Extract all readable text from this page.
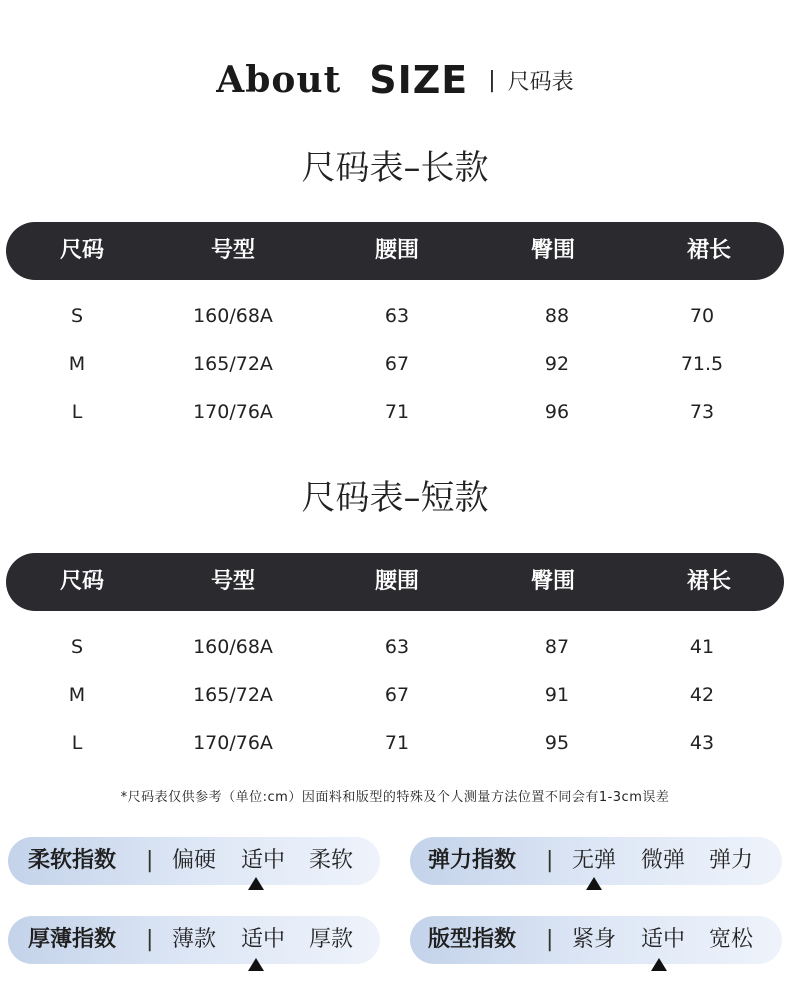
About SIZE | 尺码表
尺码表–长款
尺码	号型	腰围	臀围	裙长
S	160/68A	63	88	70
M	165/72A	67	92	71.5
L	170/76A	71	96	73
尺码表–短款
尺码	号型	腰围	臀围	裙长
S	160/68A	63	87	41
M	165/72A	67	91	42
L	170/76A	71	95	43
*尺码表仅供参考（单位:cm）因面料和版型的特殊及个人测量方法位置不同会有1-3cm误差
柔软指数 | 偏硬 适中 柔软	弹力指数 | 无弹 微弹 弹力
厚薄指数 | 薄款 适中 厚款	版型指数 | 紧身 适中 宽松
